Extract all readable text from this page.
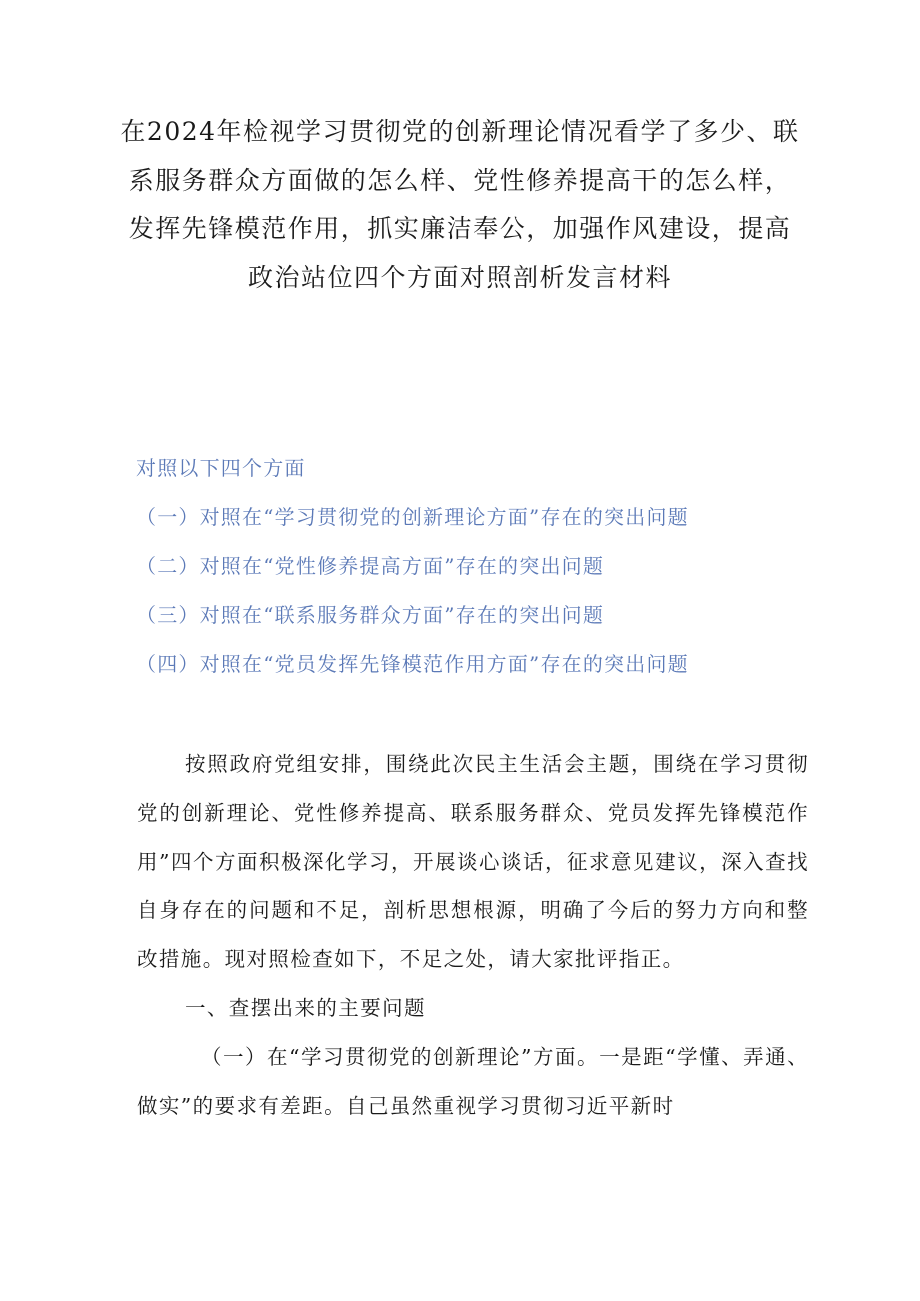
在2024年检视学习贯彻党的创新理论情况看学了多少、联系服务群众方面做的怎么样、党性修养提高干的怎么样，发挥先锋模范作用，抓实廉洁奉公，加强作风建设，提高政治站位四个方面对照剖析发言材料
对照以下四个方面
（一）对照在“学习贯彻党的创新理论方面”存在的突出问题
（二）对照在“党性修养提高方面”存在的突出问题
（三）对照在“联系服务群众方面”存在的突出问题
（四）对照在“党员发挥先锋模范作用方面”存在的突出问题

按照政府党组安排，围绕此次民主生活会主题，围绕在学习贯彻党的创新理论、党性修养提高、联系服务群众、党员发挥先锋模范作用”四个方面积极深化学习，开展谈心谈话，征求意见建议，深入查找自身存在的问题和不足，剖析思想根源，明确了今后的努力方向和整改措施。现对照检查如下，不足之处，请大家批评指正。

一、查摆出来的主要问题

（一）在“学习贯彻党的创新理论”方面。一是距“学懂、弄通、做实”的要求有差距。自己虽然重视学习贯彻习近平新时
